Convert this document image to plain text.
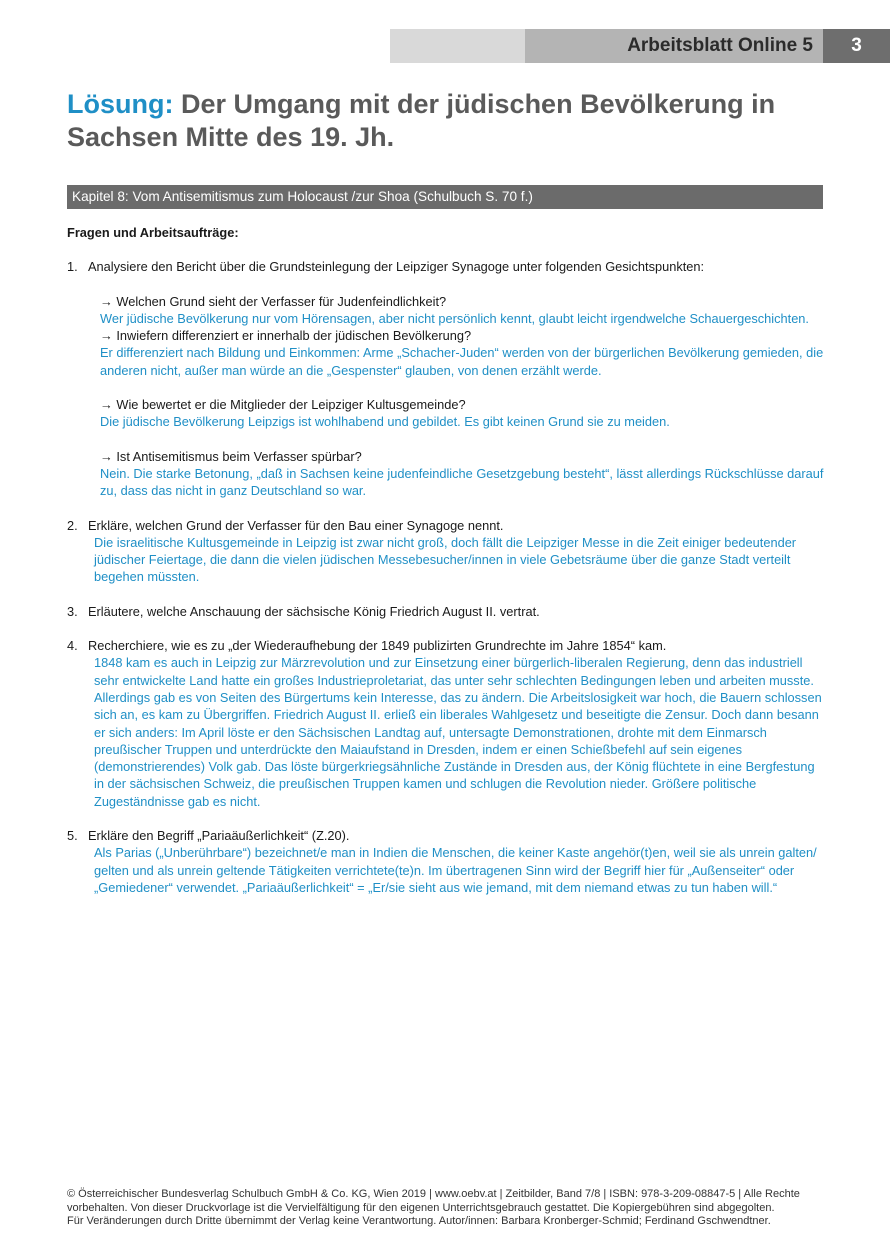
Arbeitsblatt Online 5	3
Lösung: Der Umgang mit der jüdischen Bevölkerung in Sachsen Mitte des 19. Jh.
Kapitel 8: Vom Antisemitismus zum Holocaust /zur Shoa (Schulbuch S. 70 f.)
Fragen und Arbeitsaufträge:
1. Analysiere den Bericht über die Grundsteinlegung der Leipziger Synagoge unter folgenden Gesichtspunkten:
→ Welchen Grund sieht der Verfasser für Judenfeindlichkeit?
Wer jüdische Bevölkerung nur vom Hörensagen, aber nicht persönlich kennt, glaubt leicht irgendwelche Schauergeschichten.
→ Inwiefern differenziert er innerhalb der jüdischen Bevölkerung?
Er differenziert nach Bildung und Einkommen: Arme „Schacher-Juden“ werden von der bürgerlichen Bevölkerung gemieden, die anderen nicht, außer man würde an die „Gespenster“ glauben, von denen erzählt werde.
→ Wie bewertet er die Mitglieder der Leipziger Kultusgemeinde?
Die jüdische Bevölkerung Leipzigs ist wohlhabend und gebildet. Es gibt keinen Grund sie zu meiden.
→ Ist Antisemitismus beim Verfasser spürbar?
Nein. Die starke Betonung, „daß in Sachsen keine judenfeindliche Gesetzgebung besteht“, lässt allerdings Rückschlüsse darauf zu, dass das nicht in ganz Deutschland so war.
2. Erkläre, welchen Grund der Verfasser für den Bau einer Synagoge nennt.
Die israelitische Kultusgemeinde in Leipzig ist zwar nicht groß, doch fällt die Leipziger Messe in die Zeit einiger bedeutender jüdischer Feiertage, die dann die vielen jüdischen Messebesucher/innen in viele Gebetsräume über die ganze Stadt verteilt begehen müssten.
3. Erläutere, welche Anschauung der sächsische König Friedrich August II. vertrat.
4. Recherchiere, wie es zu „der Wiederaufhebung der 1849 publizirten Grundrechte im Jahre 1854“ kam.
1848 kam es auch in Leipzig zur Märzrevolution und zur Einsetzung einer bürgerlich-liberalen Regierung, denn das industriell sehr entwickelte Land hatte ein großes Industrieproletariat, das unter sehr schlechten Bedingungen leben und arbeiten musste. Allerdings gab es von Seiten des Bürgertums kein Interesse, das zu ändern. Die Arbeitslosigkeit war hoch, die Bauern schlossen sich an, es kam zu Übergriffen. Friedrich August II. erließ ein liberales Wahlgesetz und beseitigte die Zensur. Doch dann besann er sich anders: Im April löste er den Sächsischen Landtag auf, untersagte Demonstrationen, drohte mit dem Einmarsch preußischer Truppen und unterdrückte den Maiaufstand in Dresden, indem er einen Schießbefehl auf sein eigenes (demonstrierendes) Volk gab. Das löste bürgerkriegsähnliche Zustände in Dresden aus, der König flüchtete in eine Bergfestung in der sächsischen Schweiz, die preußischen Truppen kamen und schlugen die Revolution nieder. Größere politische Zugeständnisse gab es nicht.
5. Erkläre den Begriff „Pariaäußerlichkeit“ (Z.20).
Als Parias („Unberührbare“) bezeichnet/e man in Indien die Menschen, die keiner Kaste angehör(t)en, weil sie als unrein galten/ gelten und als unrein geltende Tätigkeiten verrichtete(te)n. Im übertragenen Sinn wird der Begriff hier für „Außenseiter“ oder „Gemiedener“ verwendet. „Pariaäußerlichkeit“ = „Er/sie sieht aus wie jemand, mit dem niemand etwas zu tun haben will.“
© Österreichischer Bundesverlag Schulbuch GmbH & Co. KG, Wien 2019 | www.oebv.at | Zeitbilder, Band 7/8 | ISBN: 978-3-209-08847-5 | Alle Rechte
vorbehalten. Von dieser Druckvorlage ist die Vervielfältigung für den eigenen Unterrichtsgebrauch gestattet. Die Kopiergebühren sind abgegolten.
Für Veränderungen durch Dritte übernimmt der Verlag keine Verantwortung. Autor/innen: Barbara Kronberger-Schmid; Ferdinand Gschwendtner.
